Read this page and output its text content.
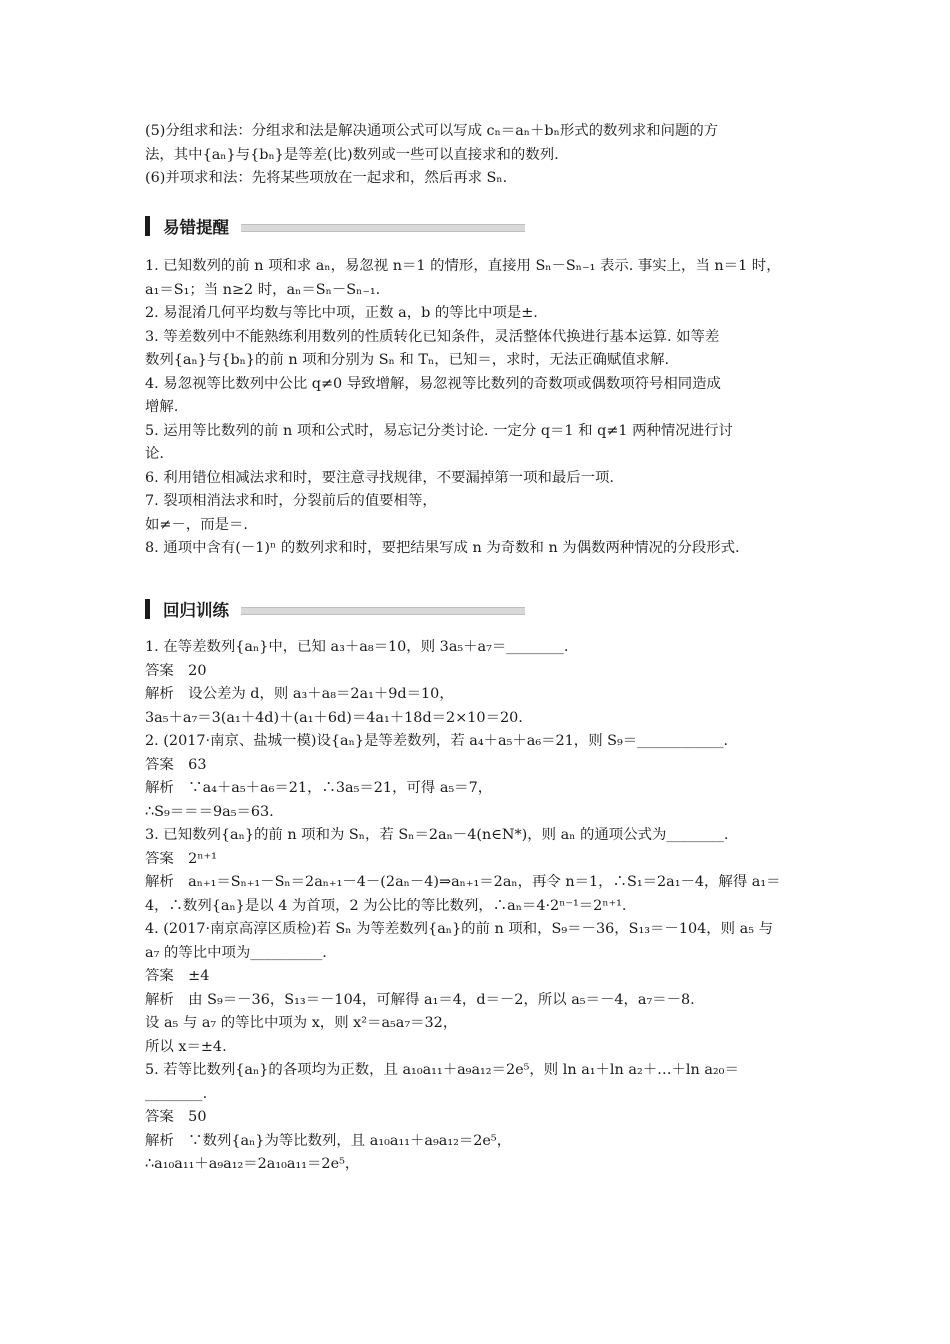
(5)分组求和法：分组求和法是解决通项公式可以写成 cₙ＝aₙ＋bₙ形式的数列求和问题的方
法，其中{aₙ}与{bₙ}是等差(比)数列或一些可以直接求和的数列.
(6)并项求和法：先将某些项放在一起求和，然后再求 Sₙ.
易错提醒
1. 已知数列的前 n 项和求 aₙ，易忽视 n＝1 的情形，直接用 Sₙ－Sₙ₋₁ 表示. 事实上，当 n＝1 时，
a₁＝S₁；当 n≥2 时，aₙ＝Sₙ－Sₙ₋₁.
2. 易混淆几何平均数与等比中项，正数 a，b 的等比中项是±.
3. 等差数列中不能熟练利用数列的性质转化已知条件，灵活整体代换进行基本运算. 如等差
数列{aₙ}与{bₙ}的前 n 项和分别为 Sₙ 和 Tₙ，已知＝，求时，无法正确赋值求解.
4. 易忽视等比数列中公比 q≠0 导致增解，易忽视等比数列的奇数项或偶数项符号相同造成
增解.
5. 运用等比数列的前 n 项和公式时，易忘记分类讨论. 一定分 q＝1 和 q≠1 两种情况进行讨
论.
6. 利用错位相减法求和时，要注意寻找规律，不要漏掉第一项和最后一项.
7. 裂项相消法求和时，分裂前后的值要相等，
如≠－，而是＝.
8. 通项中含有(－1)ⁿ 的数列求和时，要把结果写成 n 为奇数和 n 为偶数两种情况的分段形式.
回归训练
1. 在等差数列{aₙ}中，已知 a₃＋a₈＝10，则 3a₅＋a₇＝________.
答案　20
解析　设公差为 d，则 a₃＋a₈＝2a₁＋9d＝10，
3a₅＋a₇＝3(a₁＋4d)＋(a₁＋6d)＝4a₁＋18d＝2×10＝20.
2. (2017·南京、盐城一模)设{aₙ}是等差数列，若 a₄＋a₅＋a₆＝21，则 S₉＝____________.
答案　63
解析　∵a₄＋a₅＋a₆＝21，∴3a₅＝21，可得 a₅＝7，
∴S₉＝＝＝9a₅＝63.
3. 已知数列{aₙ}的前 n 项和为 Sₙ，若 Sₙ＝2aₙ－4(n∈N*)，则 aₙ 的通项公式为________.
答案　2ⁿ⁺¹
解析　aₙ₊₁＝Sₙ₊₁－Sₙ＝2aₙ₊₁－4－(2aₙ－4)⇒aₙ₊₁＝2aₙ，再令 n＝1，∴S₁＝2a₁－4，解得 a₁＝
4，∴数列{aₙ}是以 4 为首项，2 为公比的等比数列，∴aₙ＝4·2ⁿ⁻¹＝2ⁿ⁺¹.
4. (2017·南京高淳区质检)若 Sₙ 为等差数列{aₙ}的前 n 项和，S₉＝－36，S₁₃＝－104，则 a₅ 与
a₇ 的等比中项为__________.
答案　±4
解析　由 S₉＝－36，S₁₃＝－104，可解得 a₁＝4，d＝－2，所以 a₅＝－4，a₇＝－8.
设 a₅ 与 a₇ 的等比中项为 x，则 x²＝a₅a₇＝32，
所以 x＝±4.
5. 若等比数列{aₙ}的各项均为正数，且 a₁₀a₁₁＋a₉a₁₂＝2e⁵，则 ln a₁＋ln a₂＋…＋ln a₂₀＝
________.
答案　50
解析　∵数列{aₙ}为等比数列，且 a₁₀a₁₁＋a₉a₁₂＝2e⁵，
∴a₁₀a₁₁＋a₉a₁₂＝2a₁₀a₁₁＝2e⁵，
